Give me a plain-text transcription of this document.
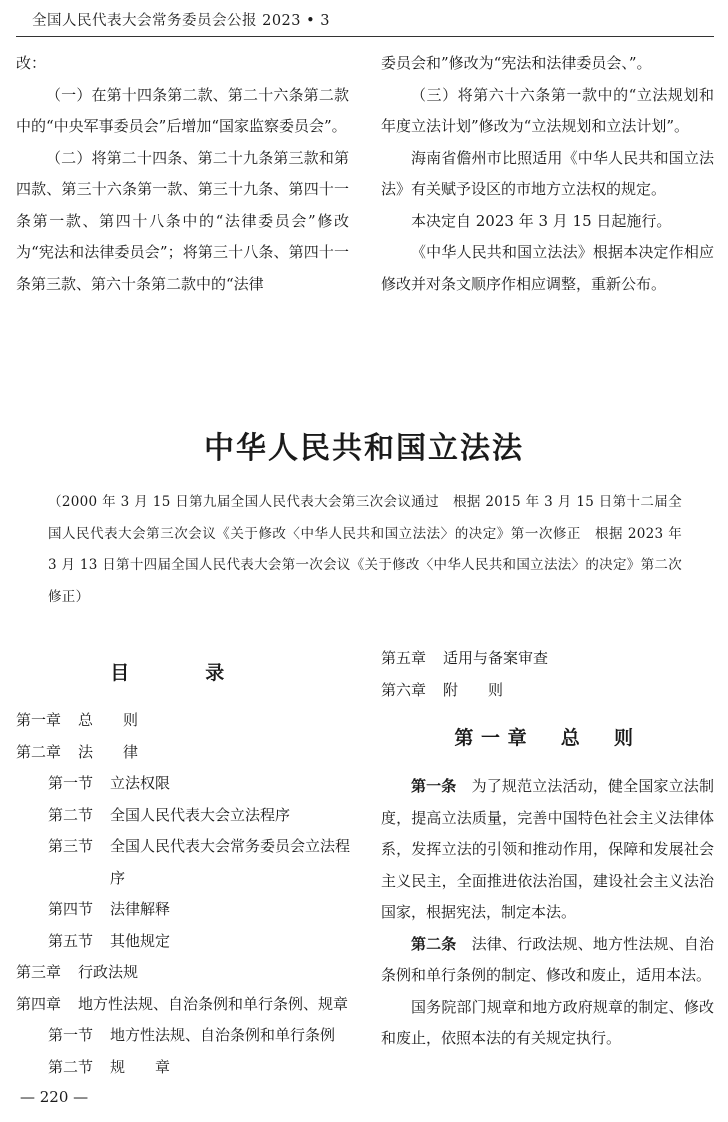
全国人民代表大会常务委员会公报 2023 • 3

改：

（一）在第十四条第二款、第二十六条第二款中的“中央军事委员会”后增加“国家监察委员会”。

（二）将第二十四条、第二十九条第三款和第四款、第三十六条第一款、第三十九条、第四十一条第一款、第四十八条中的“法律委员会”修改为“宪法和法律委员会”；将第三十八条、第四十一条第三款、第六十条第二款中的“法律

委员会和”修改为“宪法和法律委员会、”。

（三）将第六十六条第一款中的“立法规划和年度立法计划”修改为“立法规划和立法计划”。

海南省儋州市比照适用《中华人民共和国立法法》有关赋予设区的市地方立法权的规定。

本决定自 2023 年 3 月 15 日起施行。

《中华人民共和国立法法》根据本决定作相应修改并对条文顺序作相应调整，重新公布。

中华人民共和国立法法
（2000 年 3 月 15 日第九届全国人民代表大会第三次会议通过　根据 2015 年 3 月 15 日第十二届全国人民代表大会第三次会议《关于修改〈中华人民共和国立法法〉的决定》第一次修正　根据 2023 年 3 月 13 日第十四届全国人民代表大会第一次会议《关于修改〈中华人民共和国立法法〉的决定》第二次修正）
目　录
第一章	总　　则
第二章	法　　律
第一节	立法权限
第二节	全国人民代表大会立法程序
第三节	全国人民代表大会常务委员会立法程序
第四节	法律解释
第五节	其他规定
第三章	行政法规
第四章	地方性法规、自治条例和单行条例、规章
第一节	地方性法规、自治条例和单行条例
第二节	规　　章
第五章 适用与备案审查
第六章 附　　则
第一章　总　则

第一条　 为了规范立法活动，健全国家立法制度，提高立法质量，完善中国特色社会主义法律体系，发挥立法的引领和推动作用，保障和发展社会主义民主，全面推进依法治国，建设社会主义法治国家，根据宪法，制定本法。

第二条　 法律、行政法规、地方性法规、自治条例和单行条例的制定、修改和废止，适用本法。

国务院部门规章和地方政府规章的制定、修改和废止，依照本法的有关规定执行。

— 220 —
